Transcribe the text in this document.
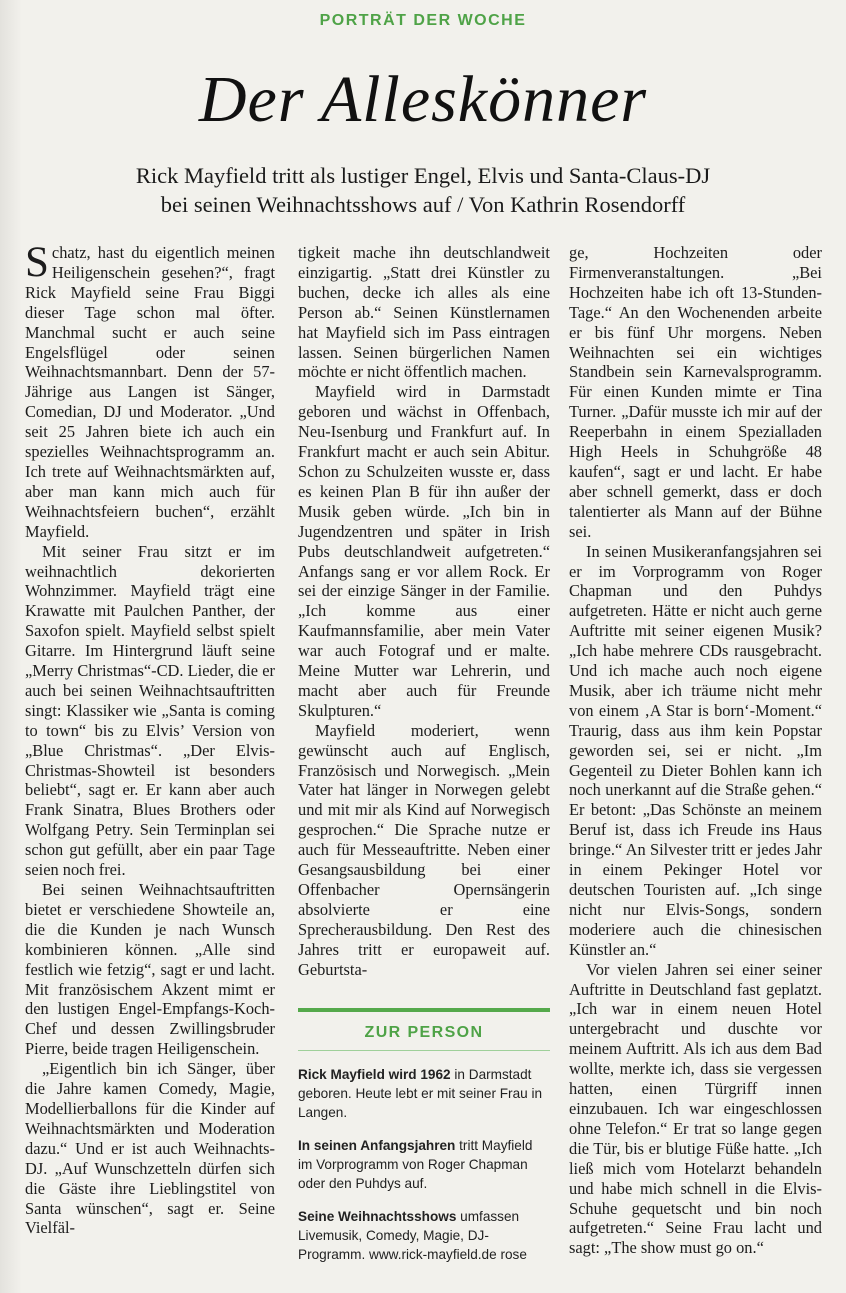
PORTRÄT DER WOCHE
Der Alleskönner
Rick Mayfield tritt als lustiger Engel, Elvis und Santa-Claus-DJ
bei seinen Weihnachtsshows auf / Von Kathrin Rosendorff

Schatz, hast du eigentlich meinen Heiligenschein gesehen?“, fragt Rick Mayfield seine Frau Biggi dieser Tage schon mal öfter. Manchmal sucht er auch seine Engelsflügel oder seinen Weihnachtsmannbart. Denn der 57-Jährige aus Langen ist Sänger, Comedian, DJ und Moderator. „Und seit 25 Jahren biete ich auch ein spezielles Weihnachtsprogramm an. Ich trete auf Weihnachtsmärkten auf, aber man kann mich auch für Weihnachtsfeiern buchen“, erzählt Mayfield.

Mit seiner Frau sitzt er im weihnachtlich dekorierten Wohnzimmer. Mayfield trägt eine Krawatte mit Paulchen Panther, der Saxofon spielt. Mayfield selbst spielt Gitarre. Im Hintergrund läuft seine „Merry Christmas“-CD. Lieder, die er auch bei seinen Weihnachtsauftritten singt: Klassiker wie „Santa is coming to town“ bis zu Elvis’ Version von „Blue Christmas“. „Der Elvis-Christmas-Showteil ist besonders beliebt“, sagt er. Er kann aber auch Frank Sinatra, Blues Brothers oder Wolfgang Petry. Sein Terminplan sei schon gut gefüllt, aber ein paar Tage seien noch frei.

Bei seinen Weihnachtsauftritten bietet er verschiedene Showteile an, die die Kunden je nach Wunsch kombinieren können. „Alle sind festlich wie fetzig“, sagt er und lacht. Mit französischem Akzent mimt er den lustigen Engel-Empfangs-Koch-Chef und dessen Zwillingsbruder Pierre, beide tragen Heiligenschein.

„Eigentlich bin ich Sänger, über die Jahre kamen Comedy, Magie, Modellierballons für die Kinder auf Weihnachtsmärkten und Moderation dazu.“ Und er ist auch Weihnachts-DJ. „Auf Wunschzetteln dürfen sich die Gäste ihre Lieblingstitel von Santa wünschen“, sagt er. Seine Vielfäl-

tigkeit mache ihn deutschlandweit einzigartig. „Statt drei Künstler zu buchen, decke ich alles als eine Person ab.“ Seinen Künstlernamen hat Mayfield sich im Pass eintragen lassen. Seinen bürgerlichen Namen möchte er nicht öffentlich machen.

Mayfield wird in Darmstadt geboren und wächst in Offenbach, Neu-Isenburg und Frankfurt auf. In Frankfurt macht er auch sein Abitur. Schon zu Schulzeiten wusste er, dass es keinen Plan B für ihn außer der Musik geben würde. „Ich bin in Jugendzentren und später in Irish Pubs deutschlandweit aufgetreten.“ Anfangs sang er vor allem Rock. Er sei der einzige Sänger in der Familie. „Ich komme aus einer Kaufmannsfamilie, aber mein Vater war auch Fotograf und er malte. Meine Mutter war Lehrerin, und macht aber auch für Freunde Skulpturen.“

Mayfield moderiert, wenn gewünscht auch auf Englisch, Französisch und Norwegisch. „Mein Vater hat länger in Norwegen gelebt und mit mir als Kind auf Norwegisch gesprochen.“ Die Sprache nutze er auch für Messeauftritte. Neben einer Gesangsausbildung bei einer Offenbacher Opernsängerin absolvierte er eine Sprecherausbildung. Den Rest des Jahres tritt er europaweit auf. Geburtsta-

ZUR PERSON
Rick Mayfield wird 1962 in Darmstadt geboren. Heute lebt er mit seiner Frau in Langen.
In seinen Anfangsjahren tritt Mayfield im Vorprogramm von Roger Chapman oder den Puhdys auf.
Seine Weihnachtsshows umfassen Livemusik, Comedy, Magie, DJ-Programm. www.rick-mayfield.de rose

ge, Hochzeiten oder Firmenveranstaltungen. „Bei Hochzeiten habe ich oft 13-Stunden-Tage.“ An den Wochenenden arbeite er bis fünf Uhr morgens. Neben Weihnachten sei ein wichtiges Standbein sein Karnevalsprogramm. Für einen Kunden mimte er Tina Turner. „Dafür musste ich mir auf der Reeperbahn in einem Spezialladen High Heels in Schuhgröße 48 kaufen“, sagt er und lacht. Er habe aber schnell gemerkt, dass er doch talentierter als Mann auf der Bühne sei.

In seinen Musikeranfangsjahren sei er im Vorprogramm von Roger Chapman und den Puhdys aufgetreten. Hätte er nicht auch gerne Auftritte mit seiner eigenen Musik? „Ich habe mehrere CDs rausgebracht. Und ich mache auch noch eigene Musik, aber ich träume nicht mehr von einem ‚A Star is born‘-Moment.“ Traurig, dass aus ihm kein Popstar geworden sei, sei er nicht. „Im Gegenteil zu Dieter Bohlen kann ich noch unerkannt auf die Straße gehen.“ Er betont: „Das Schönste an meinem Beruf ist, dass ich Freude ins Haus bringe.“ An Silvester tritt er jedes Jahr in einem Pekinger Hotel vor deutschen Touristen auf. „Ich singe nicht nur Elvis-Songs, sondern moderiere auch die chinesischen Künstler an.“

Vor vielen Jahren sei einer seiner Auftritte in Deutschland fast geplatzt. „Ich war in einem neuen Hotel untergebracht und duschte vor meinem Auftritt. Als ich aus dem Bad wollte, merkte ich, dass sie vergessen hatten, einen Türgriff innen einzubauen. Ich war eingeschlossen ohne Telefon.“ Er trat so lange gegen die Tür, bis er blutige Füße hatte. „Ich ließ mich vom Hotelarzt behandeln und habe mich schnell in die Elvis-Schuhe gequetscht und bin noch aufgetreten.“ Seine Frau lacht und sagt: „The show must go on.“
